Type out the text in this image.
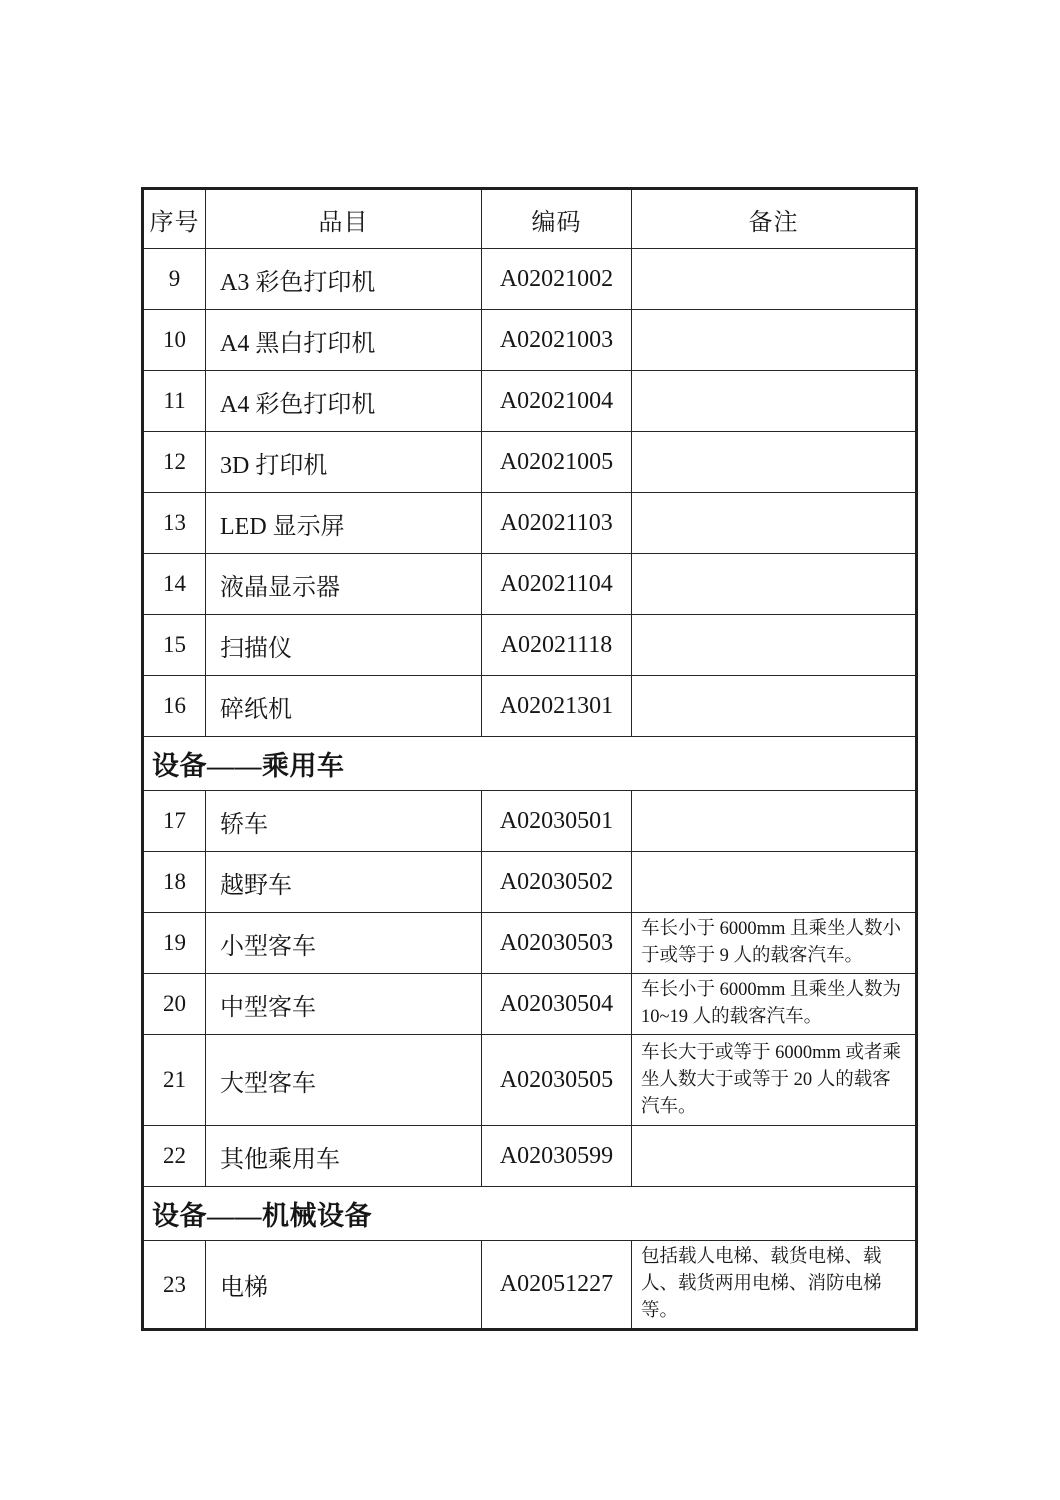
序号	品目	编码	备注
9	A3 彩色打印机	A02021002	
10	A4 黑白打印机	A02021003	
11	A4 彩色打印机	A02021004	
12	3D 打印机	A02021005	
13	LED 显示屏	A02021103	
14	液晶显示器	A02021104	
15	扫描仪	A02021118	
16	碎纸机	A02021301	
设备——乘用车			
17	轿车	A02030501	
18	越野车	A02030502	
19	小型客车	A02030503	车长小于 6000mm 且乘坐人数小于或等于 9 人的载客汽车。
20	中型客车	A02030504	车长小于 6000mm 且乘坐人数为 10~19 人的载客汽车。
21	大型客车	A02030505	车长大于或等于 6000mm 或者乘坐人数大于或等于 20 人的载客汽车。
22	其他乘用车	A02030599	
设备——机械设备			
23	电梯	A02051227	包括载人电梯、载货电梯、载人、载货两用电梯、消防电梯等。
